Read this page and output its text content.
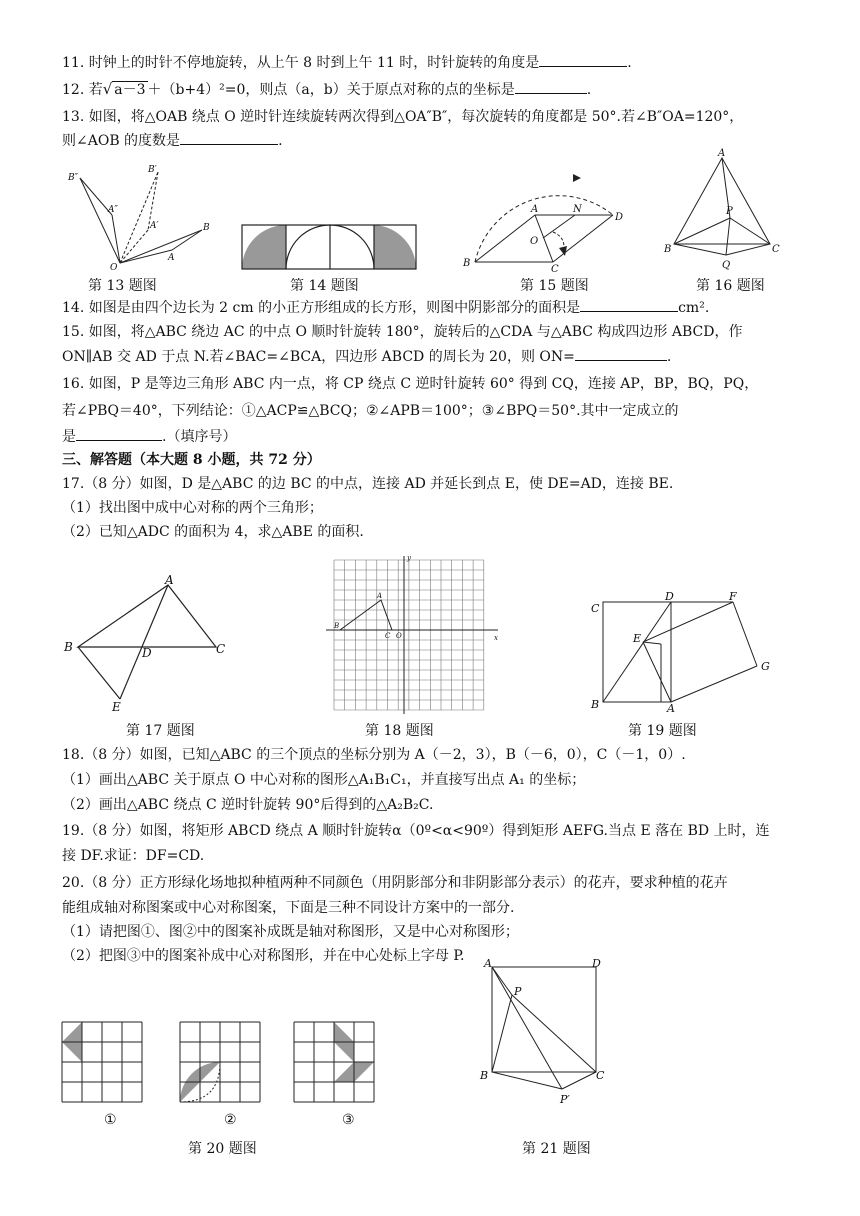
11. 时钟上的时针不停地旋转，从上午 8 时到上午 11 时，时针旋转的角度是	.
12. 若√ a－3 ＋（b+4）²=0，则点（a，b）关于原点对称的点的坐标是	.
13. 如图，将△OAB 绕点 O 逆时针连续旋转两次得到△OA″B″，每次旋转的角度都是 50°.若∠B″OA=120°，
则∠AOB 的度数是	.
B″
B′
A″
A′
A
B
O
第 13 题图	第 14 题图
A	N
D
O
B
C
第 15 题图
A
P
B	C
Q
第 16 题图
14. 如图是由四个边长为 2 cm 的小正方形组成的长方形，则图中阴影部分的面积是	cm².
15. 如图，将△ABC 绕边 AC 的中点 O 顺时针旋转 180°，旋转后的△CDA 与△ABC 构成四边形 ABCD，作
ON∥AB 交 AD 于点 N.若∠BAC=∠BCA，四边形 ABCD 的周长为 20，则 ON=	.
16. 如图，P 是等边三角形 ABC 内一点，将 CP 绕点 C 逆时针旋转 60° 得到 CQ，连接 AP，BP，BQ，PQ，
若∠PBQ＝40°，下列结论：①△ACP≌△BCQ；②∠APB＝100°；③∠BPQ＝50°.其中一定成立的
是	.（填序号）
三、解答题（本大题 8 小题，共 72 分）
17.（8 分）如图，D 是△ABC 的边 BC 的中点，连接 AD 并延长到点 E，使 DE=AD，连接 BE.
（1）找出图中成中心对称的两个三角形；
（2）已知△ADC 的面积为 4，求△ABE 的面积.
A
B	C
D
E
第 17 题图
y
x
A
B
C O
第 18 题图
C
D	F
E
G
B	A
第 19 题图
18.（8 分）如图，已知△ABC 的三个顶点的坐标分别为 A（－2，3），B（－6，0），C（－1，0）.
（1）画出△ABC 关于原点 O 中心对称的图形△A₁B₁C₁，并直接写出点 A₁ 的坐标；
（2）画出△ABC 绕点 C 逆时针旋转 90°后得到的△A₂B₂C.
19.（8 分）如图，将矩形 ABCD 绕点 A 顺时针旋转α（0º<α<90º）得到矩形 AEFG.当点 E 落在 BD 上时，连
接 DF.求证：DF=CD.
20.（8 分）正方形绿化场地拟种植两种不同颜色（用阴影部分和非阴影部分表示）的花卉，要求种植的花卉
能组成轴对称图案或中心对称图案，下面是三种不同设计方案中的一部分.
（1）请把图①、图②中的图案补成既是轴对称图形，又是中心对称图形；
（2）把图③中的图案补成中心对称图形，并在中心处标上字母 P.
①	②	③
第 20 题图
A	D
P
B	C
P′
第 21 题图
